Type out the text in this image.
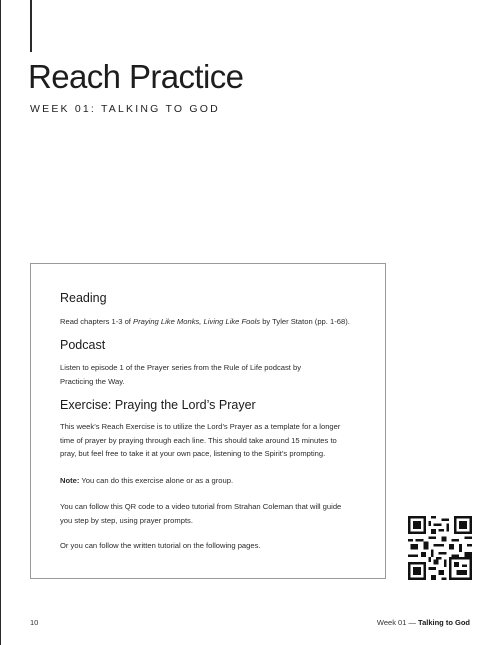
Reach Practice
WEEK 01: TALKING TO GOD
Reading

Read chapters 1-3 of Praying Like Monks, Living Like Fools by Tyler Staton (pp. 1-68).

Podcast

Listen to episode 1 of the Prayer series from the Rule of Life podcast by
Practicing the Way.

Exercise: Praying the Lord’s Prayer

This week’s Reach Exercise is to utilize the Lord’s Prayer as a template for a longer
time of prayer by praying through each line. This should take around 15 minutes to
pray, but feel free to take it at your own pace, listening to the Spirit’s prompting.

Note: You can do this exercise alone or as a group.

You can follow this QR code to a video tutorial from Strahan Coleman that will guide
you step by step, using prayer prompts.

Or you can follow the written tutorial on the following pages.

10	Week 01 — Talking to God
